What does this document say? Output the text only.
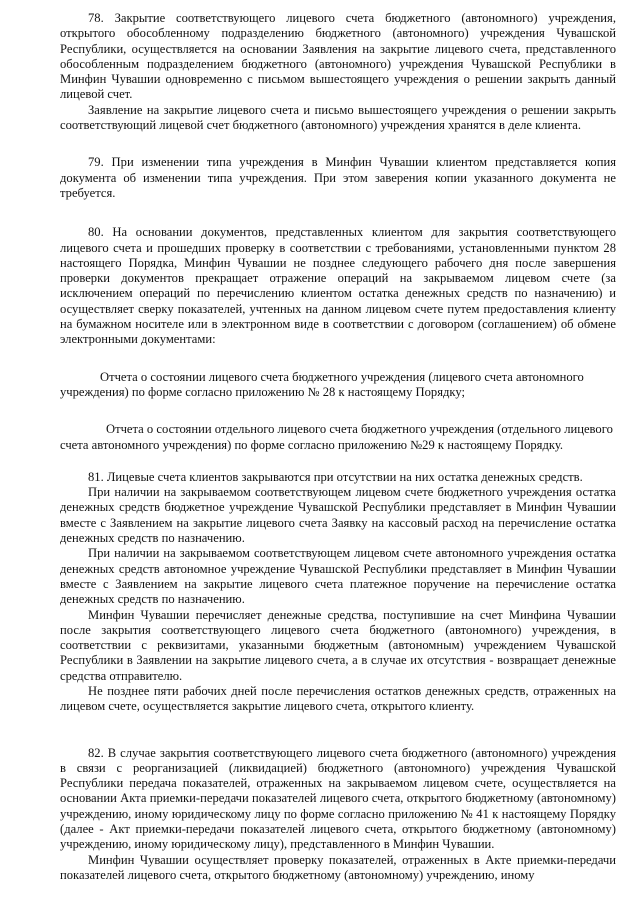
78. Закрытие соответствующего лицевого счета бюджетного (автономного) учреждения, открытого обособленному подразделению бюджетного (автономного) учреждения Чувашской Республики, осуществляется на основании Заявления на закрытие лицевого счета, представленного обособленным подразделением бюджетного (автономного) учреждения Чувашской Республики в Минфин Чувашии одновременно с письмом вышестоящего учреждения о решении закрыть данный лицевой счет.

Заявление на закрытие лицевого счета и письмо вышестоящего учреждения о решении закрыть соответствующий лицевой счет бюджетного (автономного) учреждения хранятся в деле клиента.

79. При изменении типа учреждения в Минфин Чувашии клиентом представляется копия документа об изменении типа учреждения. При этом заверения копии указанного документа не требуется.

80. На основании документов, представленных клиентом для закрытия соответствующего лицевого счета и прошедших проверку в соответствии с требованиями, установленными пунктом 28 настоящего Порядка, Минфин Чувашии не позднее следующего рабочего дня после завершения проверки документов прекращает отражение операций на закрываемом лицевом счете (за исключением операций по перечислению клиентом остатка денежных средств по назначению) и осуществляет сверку показателей, учтенных на данном лицевом счете путем предоставления клиенту на бумажном носителе или в электронном виде в соответствии с договором (соглашением) об обмене электронными документами:

Отчета о состоянии лицевого счета бюджетного учреждения (лицевого счета автономного учреждения) по форме согласно приложению № 28 к настоящему Порядку;

Отчета о состоянии отдельного лицевого счета бюджетного учреждения (отдельного лицевого счета автономного учреждения) по форме согласно приложению №29 к настоящему Порядку.

81. Лицевые счета клиентов закрываются при отсутствии на них остатка денежных средств.

При наличии на закрываемом соответствующем лицевом счете бюджетного учреждения остатка денежных средств бюджетное учреждение Чувашской Республики представляет в Минфин Чувашии вместе с Заявлением на закрытие лицевого счета Заявку на кассовый расход на перечисление остатка денежных средств по назначению.

При наличии на закрываемом соответствующем лицевом счете автономного учреждения остатка денежных средств автономное учреждение Чувашской Республики представляет в Минфин Чувашии вместе с Заявлением на закрытие лицевого счета платежное поручение на перечисление остатка денежных средств по назначению.

Минфин Чувашии перечисляет денежные средства, поступившие на счет Минфина Чувашии после закрытия соответствующего лицевого счета бюджетного (автономного) учреждения, в соответствии с реквизитами, указанными бюджетным (автономным) учреждением Чувашской Республики в Заявлении на закрытие лицевого счета, а в случае их отсутствия - возвращает денежные средства отправителю.

Не позднее пяти рабочих дней после перечисления остатков денежных средств, отраженных на лицевом счете, осуществляется закрытие лицевого счета, открытого клиенту.

82. В случае закрытия соответствующего лицевого счета бюджетного (автономного) учреждения в связи с реорганизацией (ликвидацией) бюджетного (автономного) учреждения Чувашской Республики передача показателей, отраженных на закрываемом лицевом счете, осуществляется на основании Акта приемки-передачи показателей лицевого счета, открытого бюджетному (автономному) учреждению, иному юридическому лицу по форме согласно приложению № 41 к настоящему Порядку (далее - Акт приемки-передачи показателей лицевого счета, открытого бюджетному (автономному) учреждению, иному юридическому лицу), представленного в Минфин Чувашии.

Минфин Чувашии осуществляет проверку показателей, отраженных в Акте приемки-передачи показателей лицевого счета, открытого бюджетному (автономному) учреждению, иному
